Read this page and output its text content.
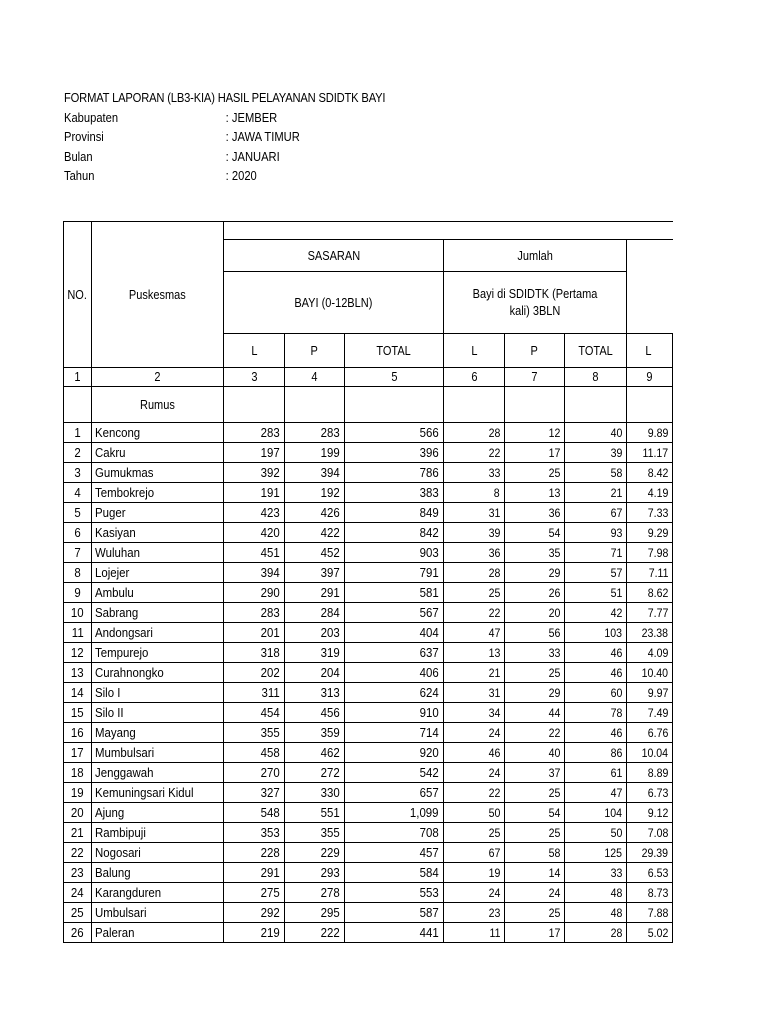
FORMAT LAPORAN (LB3-KIA) HASIL PELAYANAN SDIDTK BAYI
Kabupaten	: JEMBER
Provinsi	: JAWA TIMUR
Bulan	: JANUARI
Tahun	: 2020
NO.	Puskesmas							
		SASARAN			Jumlah			
		BAYI (0-12BLN)			Bayi di SDIDTK (Pertama kali) 3BLN			
		L	P	TOTAL	L	P	TOTAL	L
1	2	3	4	5	6	7	8	9
	Rumus							
1	Kencong	283	283	566	28	12	40	9.89
2	Cakru	197	199	396	22	17	39	11.17
3	Gumukmas	392	394	786	33	25	58	8.42
4	Tembokrejo	191	192	383	8	13	21	4.19
5	Puger	423	426	849	31	36	67	7.33
6	Kasiyan	420	422	842	39	54	93	9.29
7	Wuluhan	451	452	903	36	35	71	7.98
8	Lojejer	394	397	791	28	29	57	7.11
9	Ambulu	290	291	581	25	26	51	8.62
10	Sabrang	283	284	567	22	20	42	7.77
11	Andongsari	201	203	404	47	56	103	23.38
12	Tempurejo	318	319	637	13	33	46	4.09
13	Curahnongko	202	204	406	21	25	46	10.40
14	Silo I	311	313	624	31	29	60	9.97
15	Silo II	454	456	910	34	44	78	7.49
16	Mayang	355	359	714	24	22	46	6.76
17	Mumbulsari	458	462	920	46	40	86	10.04
18	Jenggawah	270	272	542	24	37	61	8.89
19	Kemuningsari Kidul	327	330	657	22	25	47	6.73
20	Ajung	548	551	1,099	50	54	104	9.12
21	Rambipuji	353	355	708	25	25	50	7.08
22	Nogosari	228	229	457	67	58	125	29.39
23	Balung	291	293	584	19	14	33	6.53
24	Karangduren	275	278	553	24	24	48	8.73
25	Umbulsari	292	295	587	23	25	48	7.88
26	Paleran	219	222	441	11	17	28	5.02
